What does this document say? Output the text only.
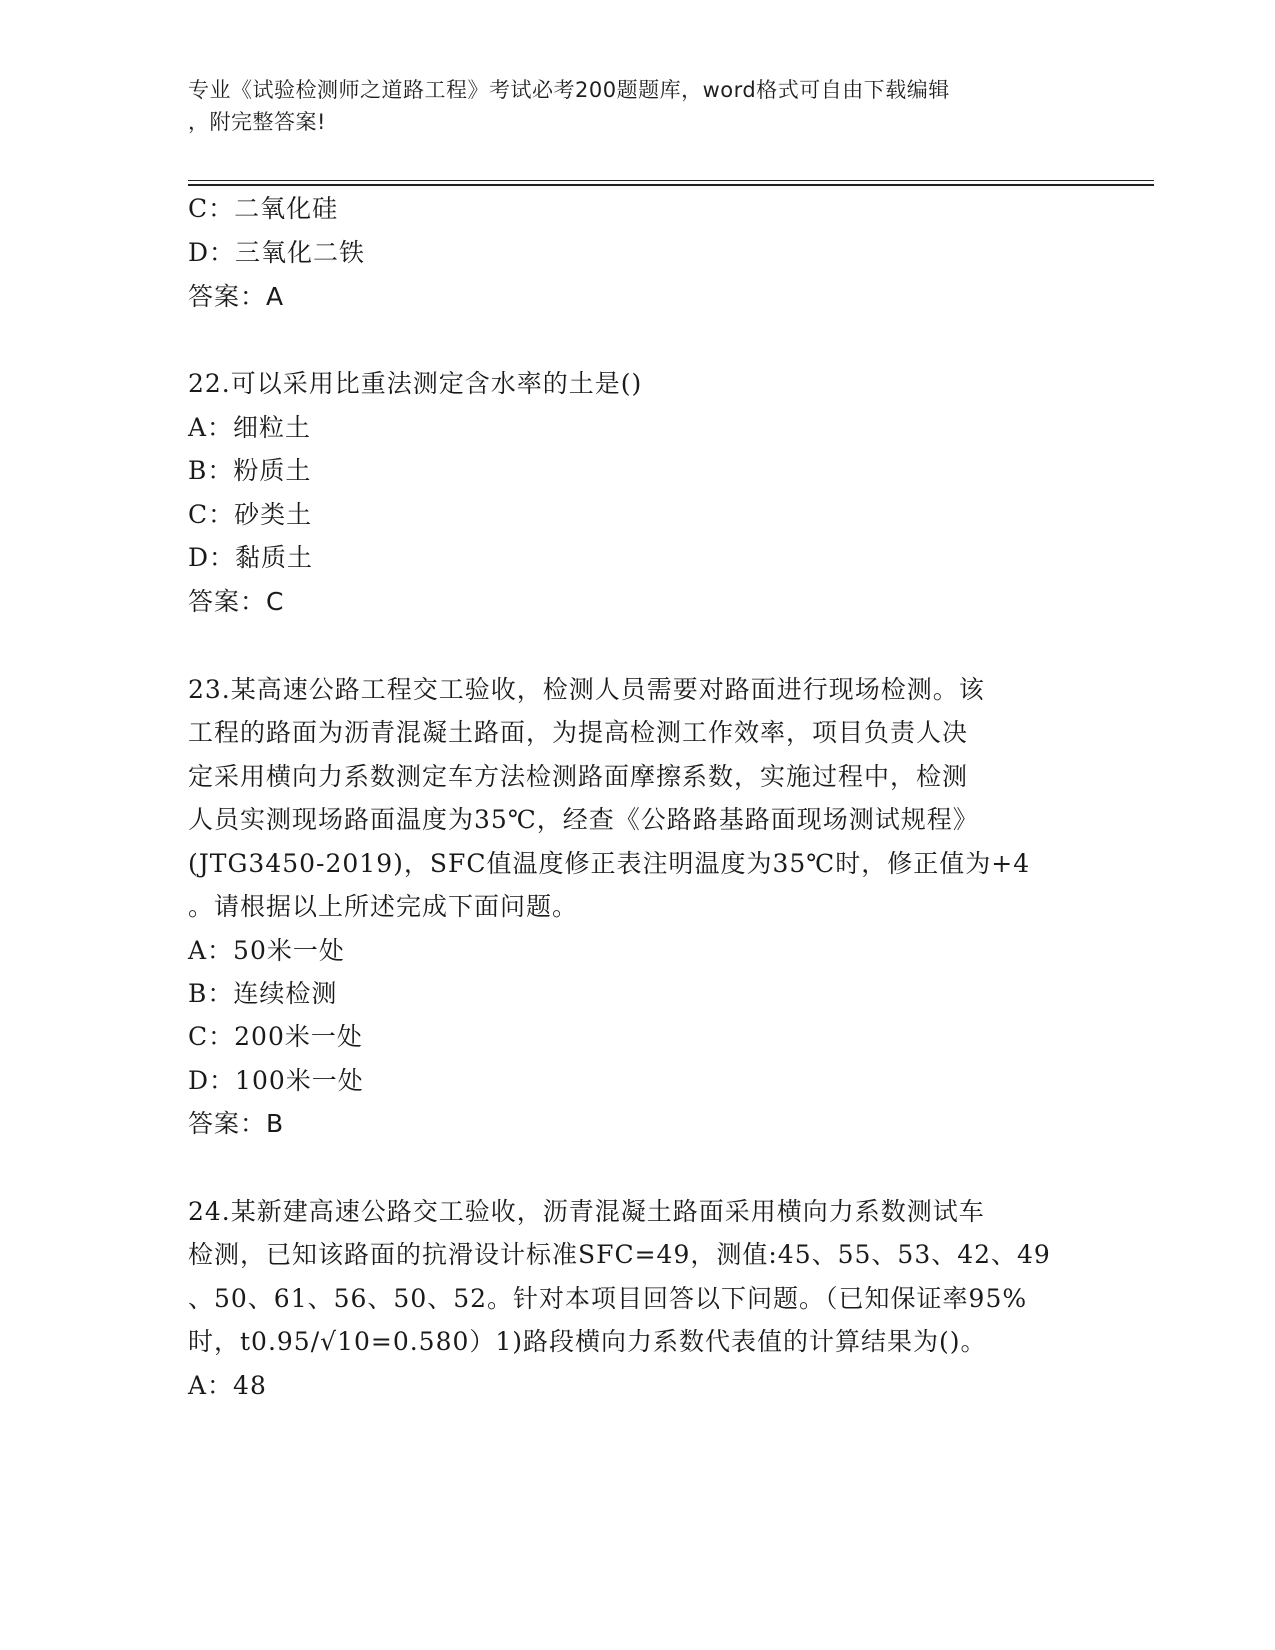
专业《试验检测师之道路工程》考试必考200题题库，word格式可自由下载编辑
，附完整答案!
C：二氧化硅
D：三氧化二铁
答案：A
22.可以采用比重法测定含水率的土是()
A：细粒土
B：粉质土
C：砂类土
D：黏质土
答案：C
23.某高速公路工程交工验收，检测人员需要对路面进行现场检测。该
工程的路面为沥青混凝土路面，为提高检测工作效率，项目负责人决
定采用横向力系数测定车方法检测路面摩擦系数，实施过程中，检测
人员实测现场路面温度为35℃，经查《公路路基路面现场测试规程》
(JTG3450-2019)，SFC值温度修正表注明温度为35℃时，修正值为+4
。请根据以上所述完成下面问题。
A：50米一处
B：连续检测
C：200米一处
D：100米一处
答案：B
24.某新建高速公路交工验收，沥青混凝土路面采用横向力系数测试车
检测，已知该路面的抗滑设计标准SFC=49，测值:45、55、53、42、49
、50、61、56、50、52。针对本项目回答以下问题。（已知保证率95%
时，t0.95/√10=0.580）1)路段横向力系数代表值的计算结果为()。
A：48
